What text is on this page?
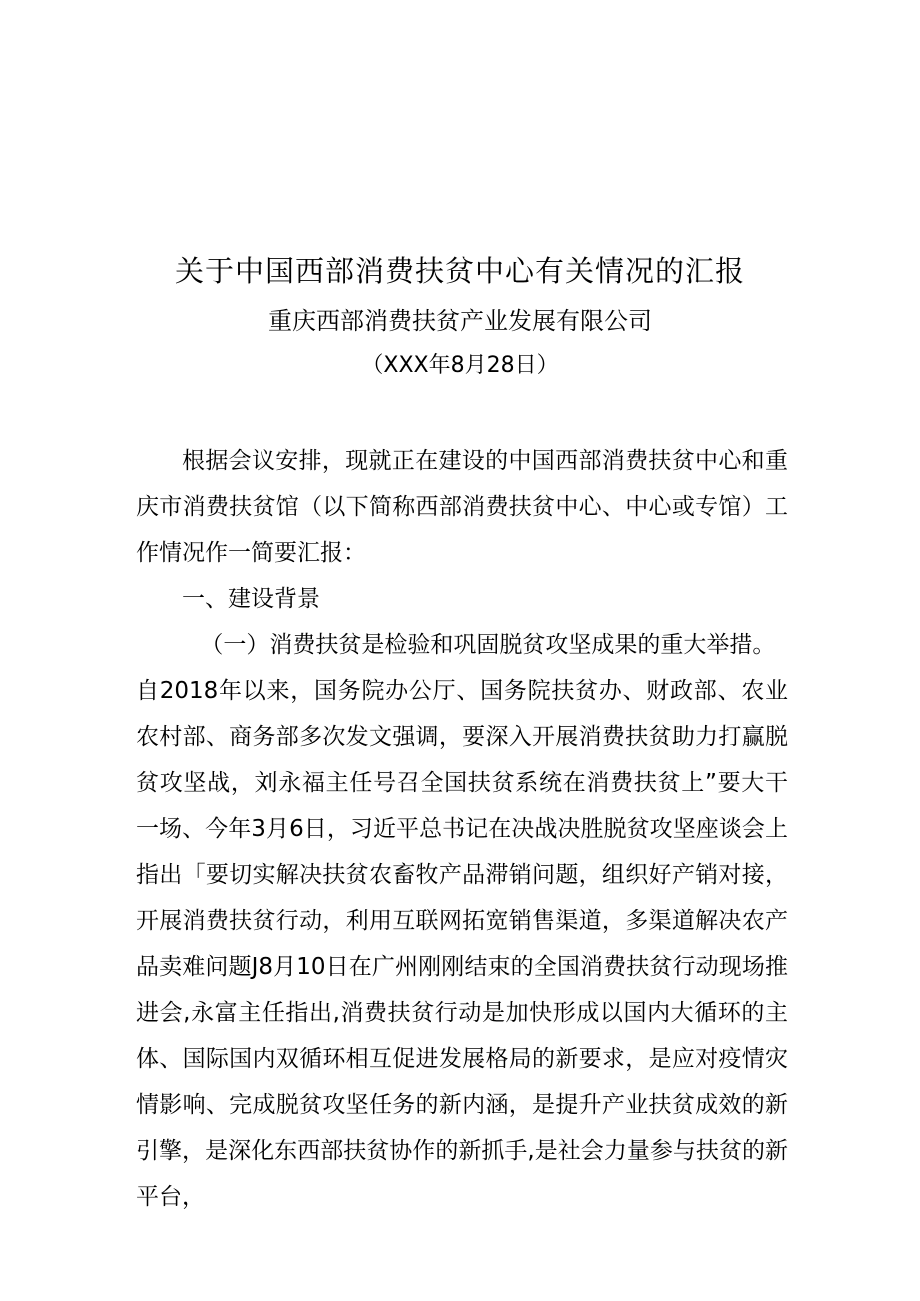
关于中国西部消费扶贫中心有关情况的汇报
重庆西部消费扶贫产业发展有限公司
（XXX年8月28日）

根据会议安排，现就正在建设的中国西部消费扶贫中心和重庆市消费扶贫馆（以下简称西部消费扶贫中心、中心或专馆）工作情况作一简要汇报：

一、建设背景

（一）消费扶贫是检验和巩固脱贫攻坚成果的重大举措。

自2018年以来，国务院办公厅、国务院扶贫办、财政部、农业农村部、商务部多次发文强调，要深入开展消费扶贫助力打赢脱贫攻坚战，刘永福主任号召全国扶贫系统在消费扶贫上”要大干一场、今年3月6日，习近平总书记在决战决胜脱贫攻坚座谈会上指出「要切实解决扶贫农畜牧产品滞销问题，组织好产销对接，开展消费扶贫行动，利用互联网拓宽销售渠道，多渠道解决农产品卖难问题J8月10日在广州刚刚结束的全国消费扶贫行动现场推进会,永富主任指出,消费扶贫行动是加快形成以国内大循环的主体、国际国内双循环相互促进发展格局的新要求，是应对疫情灾情影响、完成脱贫攻坚任务的新内涵，是提升产业扶贫成效的新引擎，是深化东西部扶贫协作的新抓手,是社会力量参与扶贫的新平台，
